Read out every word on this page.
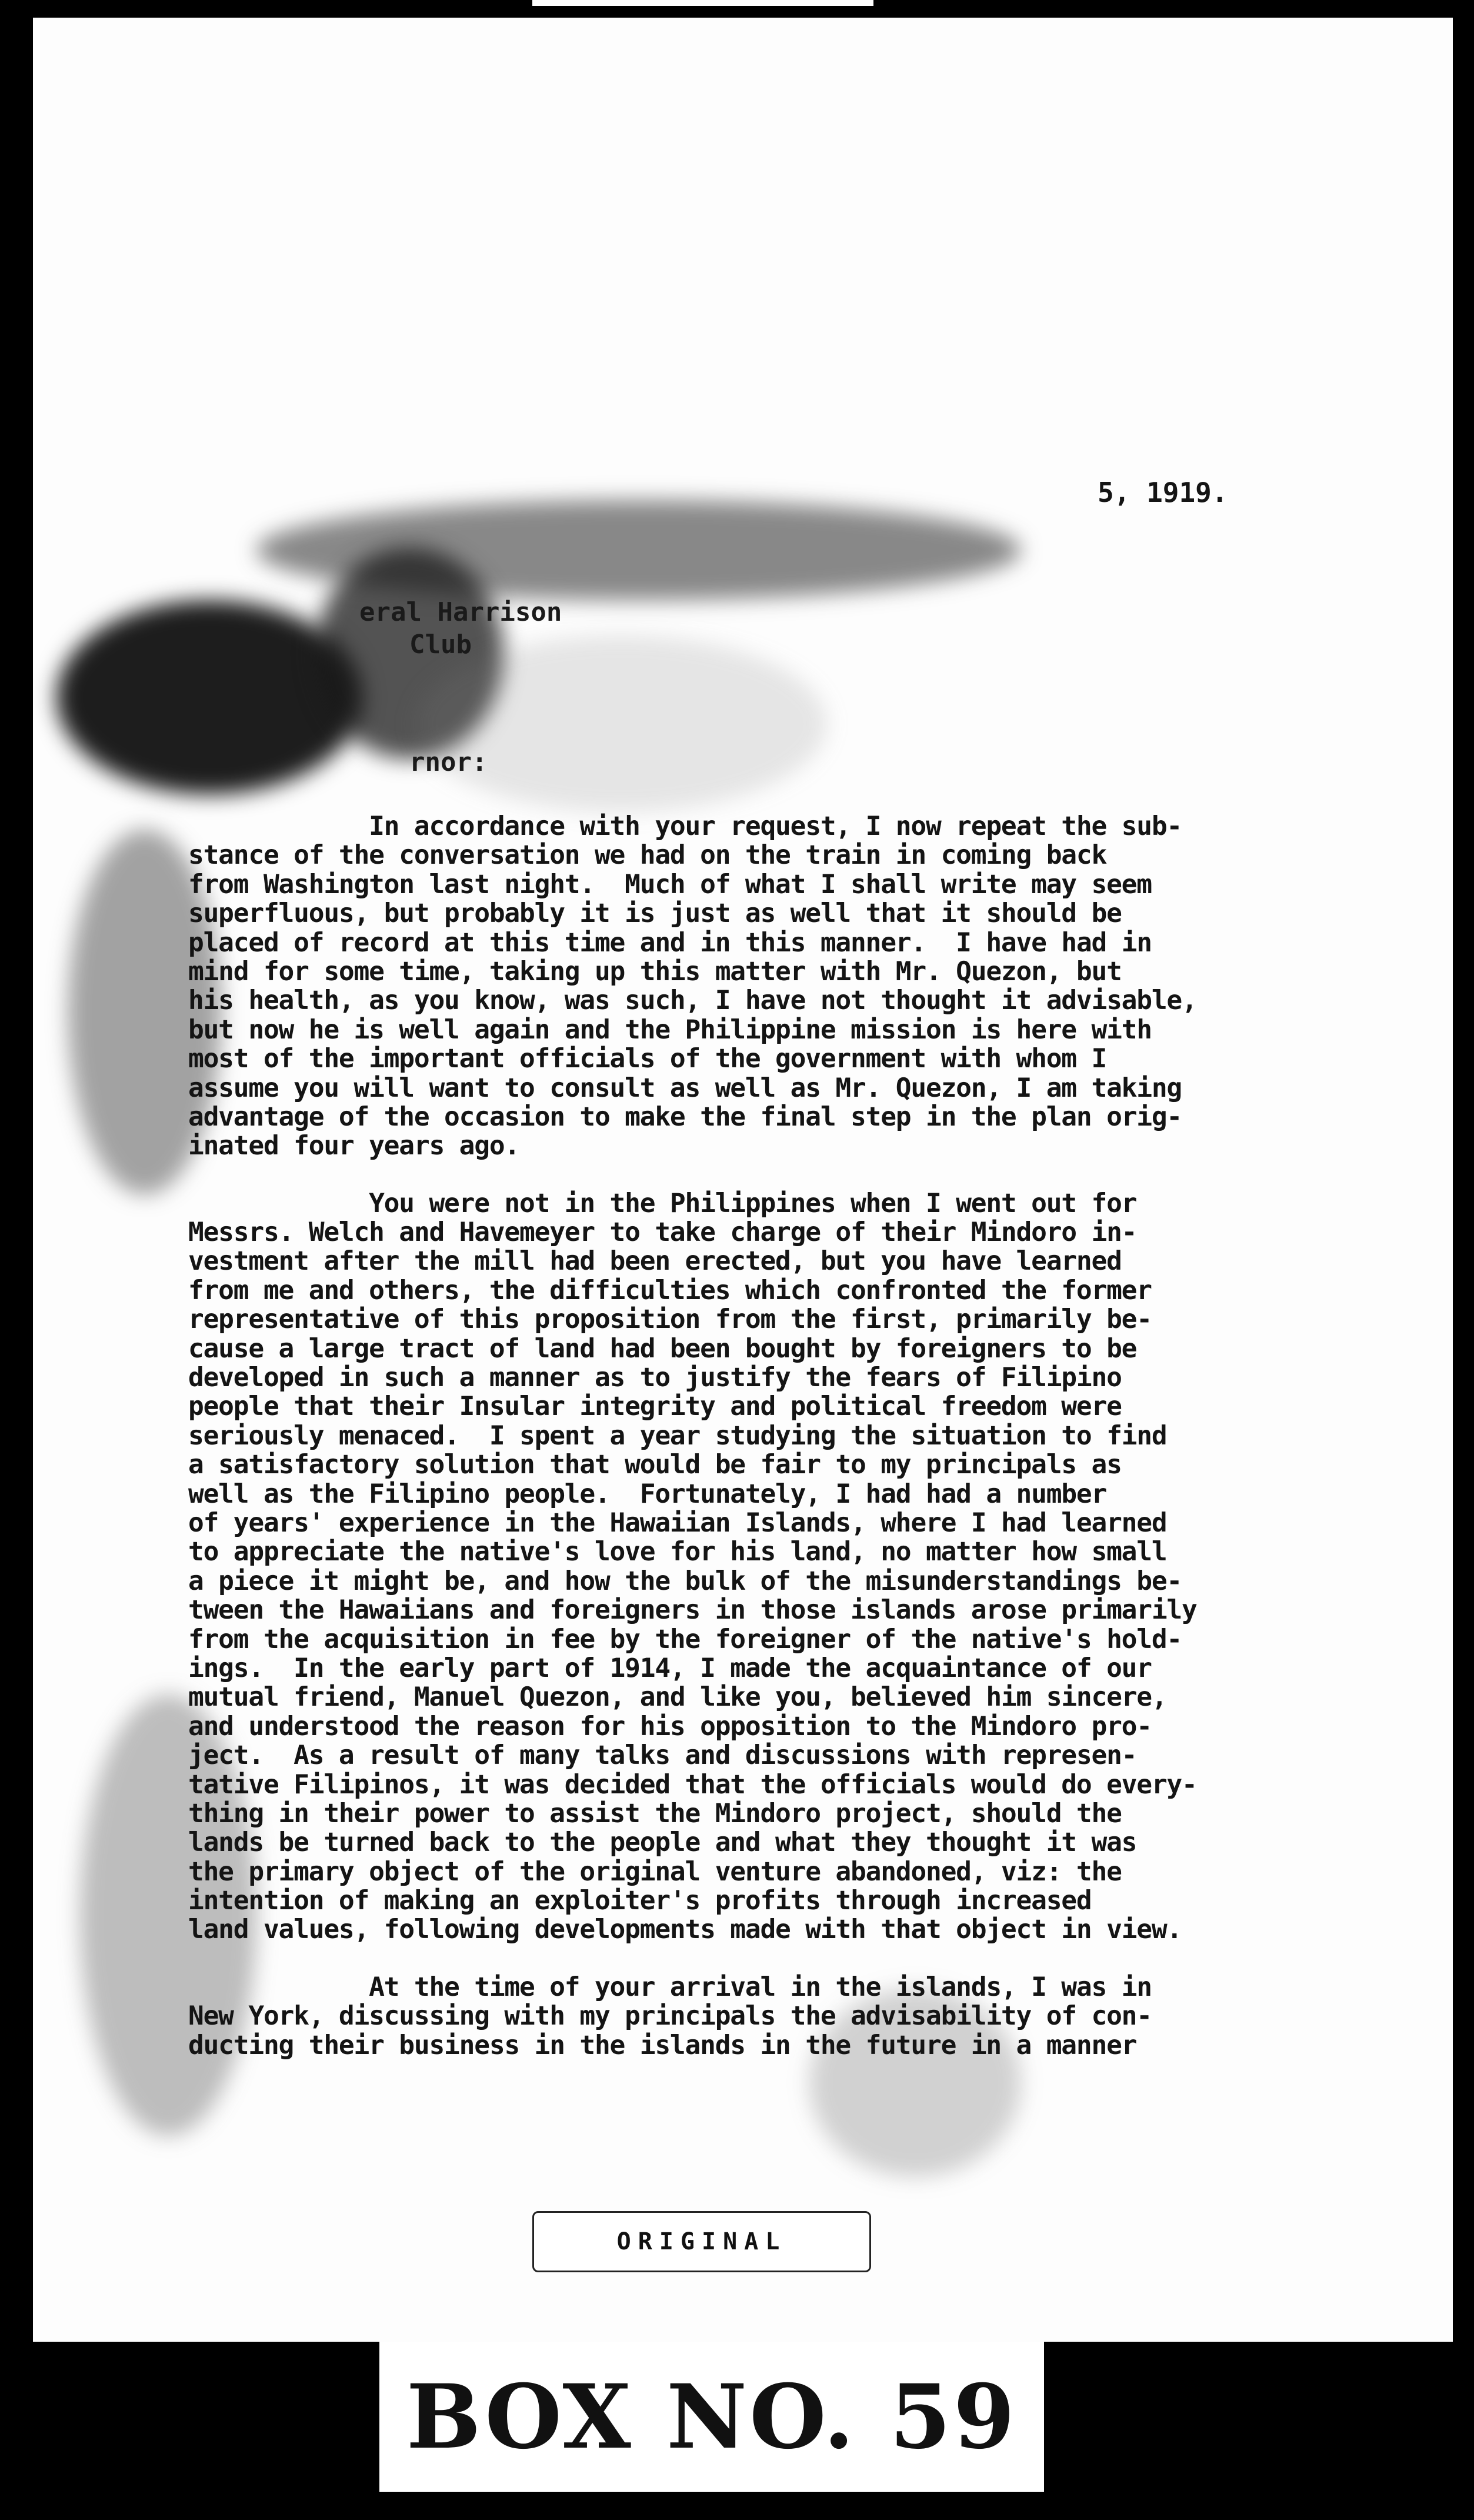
5, 1919.
eral Harrison
Club
rnor:
In accordance with your request, I now repeat the sub-
stance of the conversation we had on the train in coming back
from Washington last night.  Much of what I shall write may seem
superfluous, but probably it is just as well that it should be
placed of record at this time and in this manner.  I have had in
mind for some time, taking up this matter with Mr. Quezon, but
his health, as you know, was such, I have not thought it advisable,
but now he is well again and the Philippine mission is here with
most of the important officials of the government with whom I
assume you will want to consult as well as Mr. Quezon, I am taking
advantage of the occasion to make the final step in the plan orig-
inated four years ago.
You were not in the Philippines when I went out for
Messrs. Welch and Havemeyer to take charge of their Mindoro in-
vestment after the mill had been erected, but you have learned
from me and others, the difficulties which confronted the former
representative of this proposition from the first, primarily be-
cause a large tract of land had been bought by foreigners to be
developed in such a manner as to justify the fears of Filipino
people that their Insular integrity and political freedom were
seriously menaced.  I spent a year studying the situation to find
a satisfactory solution that would be fair to my principals as
well as the Filipino people.  Fortunately, I had had a number
of years' experience in the Hawaiian Islands, where I had learned
to appreciate the native's love for his land, no matter how small
a piece it might be, and how the bulk of the misunderstandings be-
tween the Hawaiians and foreigners in those islands arose primarily
from the acquisition in fee by the foreigner of the native's hold-
ings.  In the early part of 1914, I made the acquaintance of our
mutual friend, Manuel Quezon, and like you, believed him sincere,
and understood the reason for his opposition to the Mindoro pro-
ject.  As a result of many talks and discussions with represen-
tative Filipinos, it was decided that the officials would do every-
thing in their power to assist the Mindoro project, should the
lands be turned back to the people and what they thought it was
the primary object of the original venture abandoned, viz: the
intention of making an exploiter's profits through increased
land values, following developments made with that object in view.
At the time of your arrival in the islands, I was in
New York, discussing with my principals the advisability of con-
ducting their business in the islands in the future in a manner
ORIGINAL
BOX NO. 59
